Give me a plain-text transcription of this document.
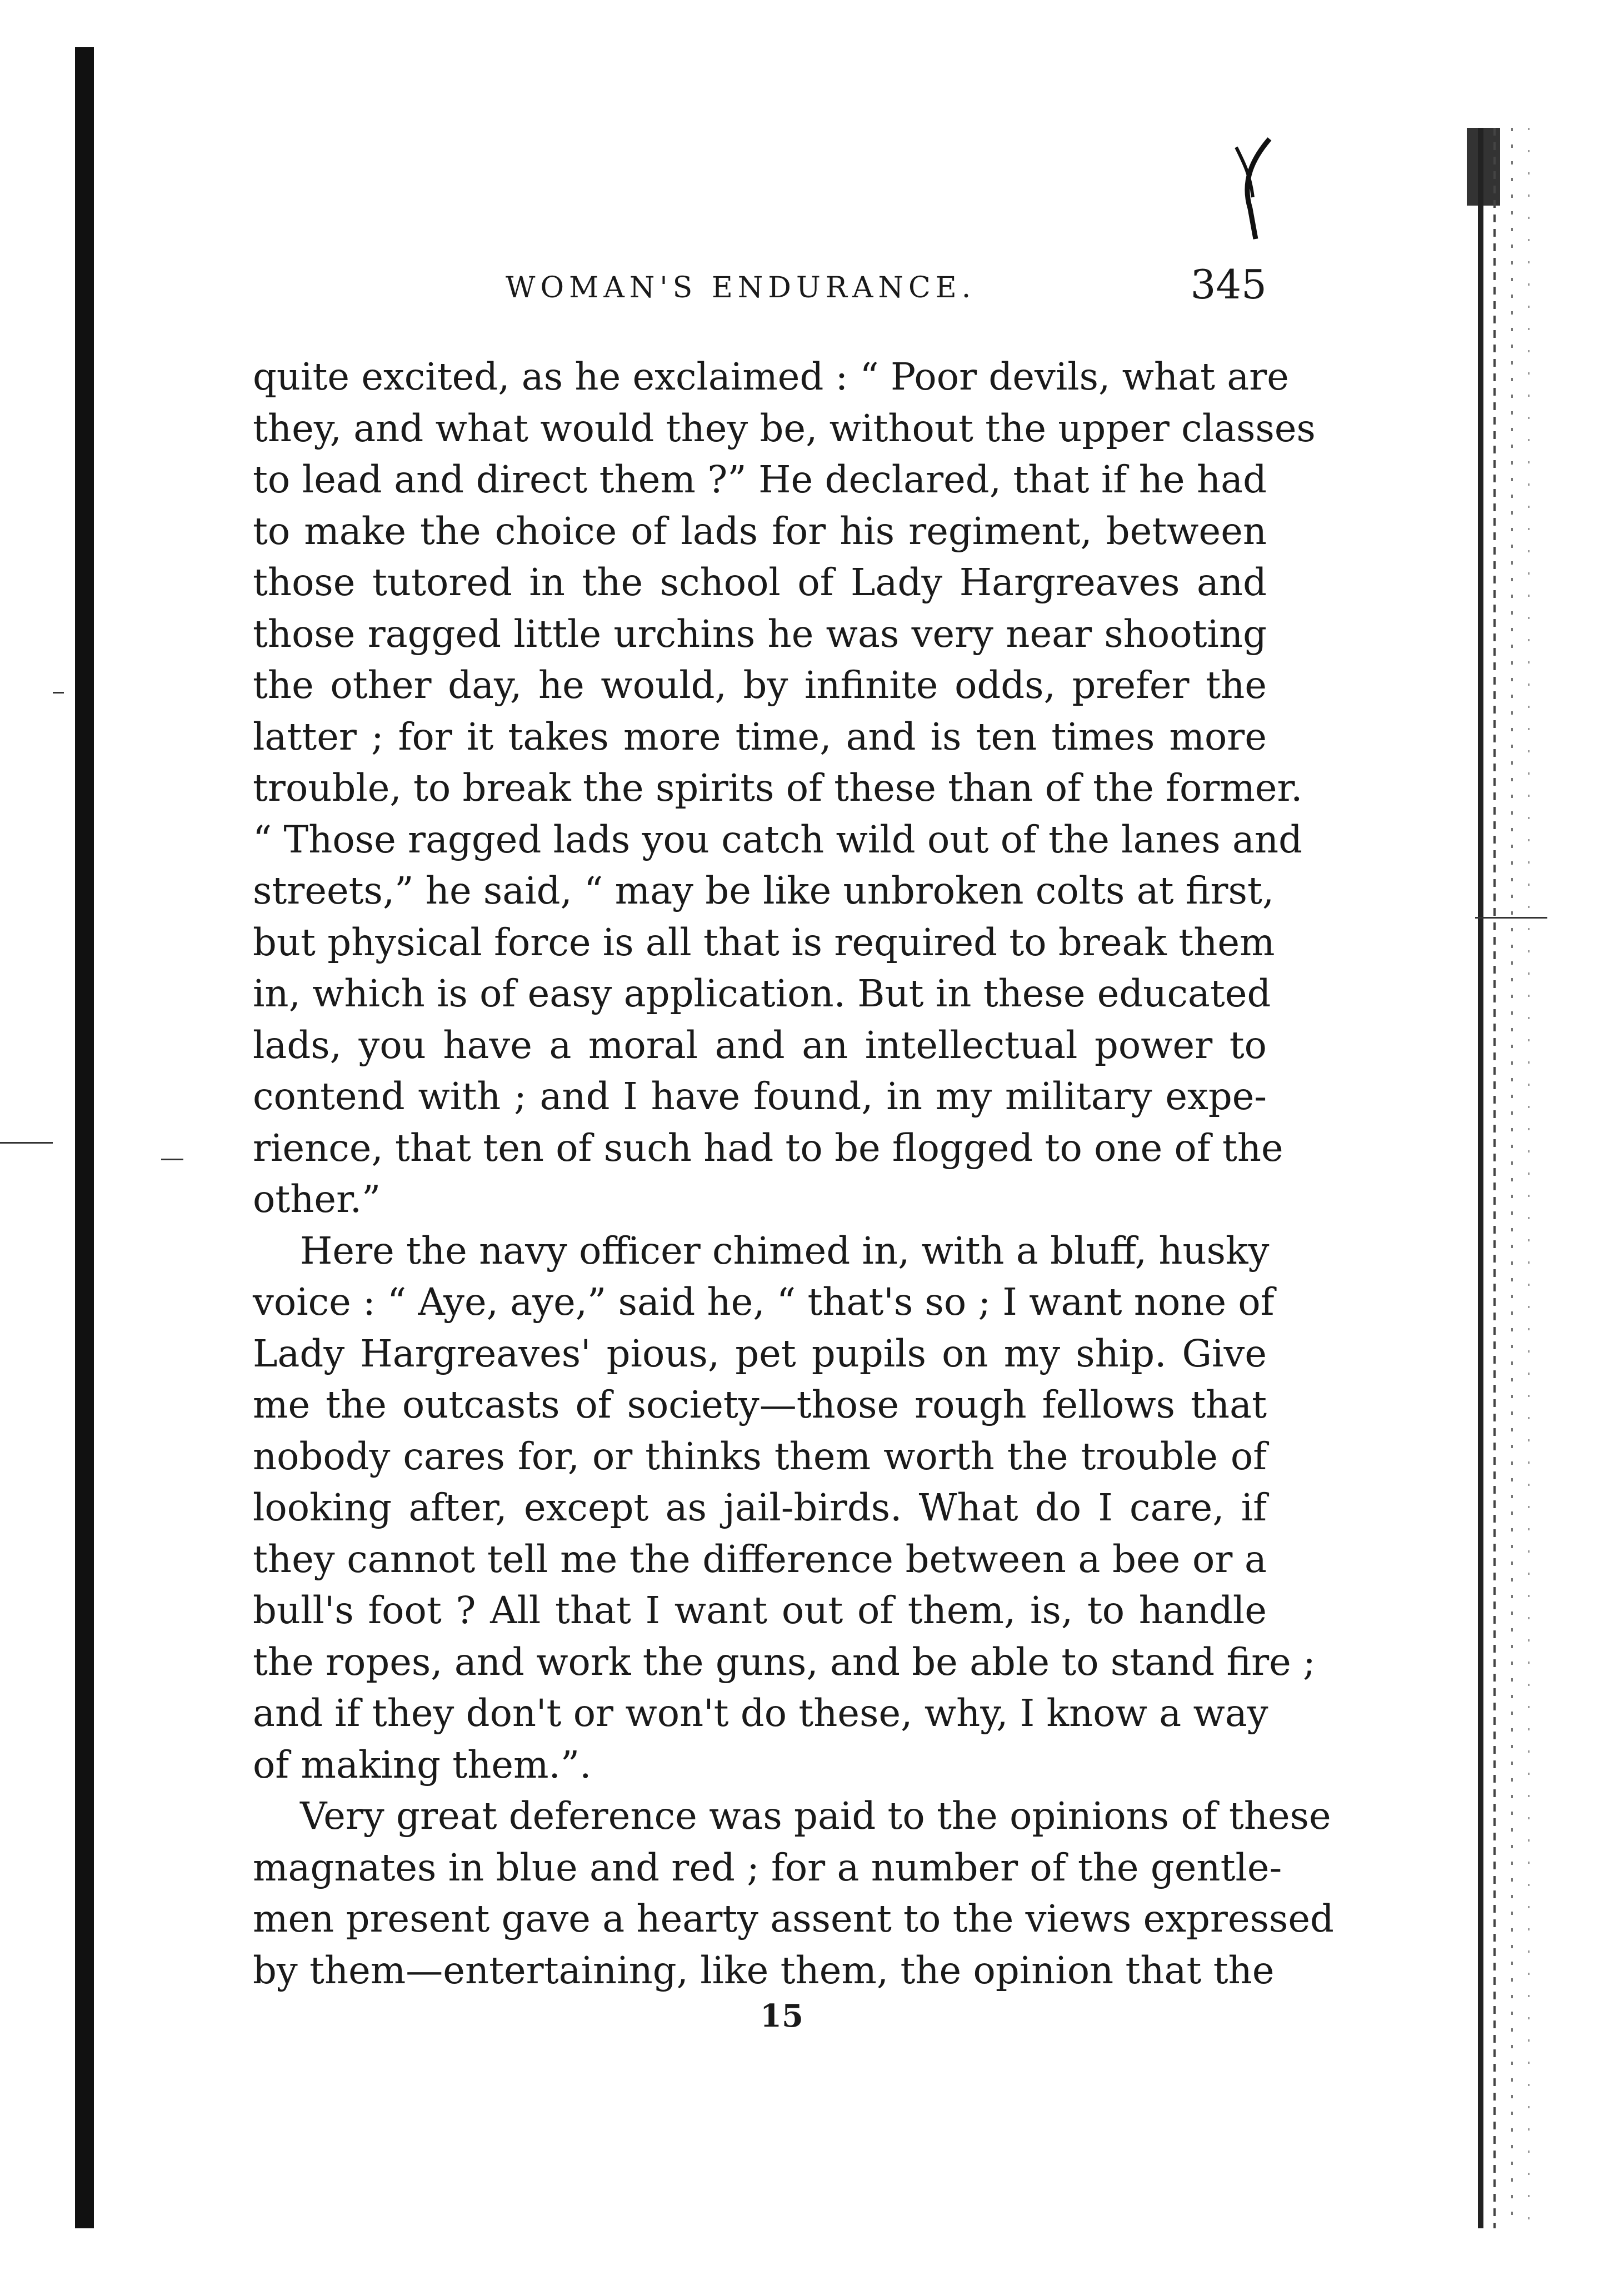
WOMAN'S ENDURANCE.	345
quite excited, as he exclaimed : “ Poor devils, what are
they, and what would they be, without the upper classes
to lead and direct them ?” He declared, that if he had
to make the choice of lads for his regiment, between
those tutored in the school of Lady Hargreaves and
those ragged little urchins he was very near shooting
the other day, he would, by infinite odds, prefer the
latter ; for it takes more time, and is ten times more
trouble, to break the spirits of these than of the former.
“ Those ragged lads you catch wild out of the lanes and
streets,” he said, “ may be like unbroken colts at first,
but physical force is all that is required to break them
in, which is of easy application. But in these educated
lads, you have a moral and an intellectual power to
contend with ; and I have found, in my military expe-
rience, that ten of such had to be flogged to one of the
other.”
Here the navy officer chimed in, with a bluff, husky
voice : “ Aye, aye,” said he, “ that's so ; I want none of
Lady Hargreaves' pious, pet pupils on my ship. Give
me the outcasts of society—those rough fellows that
nobody cares for, or thinks them worth the trouble of
looking after, except as jail-birds. What do I care, if
they cannot tell me the difference between a bee or a
bull's foot ? All that I want out of them, is, to handle
the ropes, and work the guns, and be able to stand fire ;
and if they don't or won't do these, why, I know a way
of making them.”.
Very great deference was paid to the opinions of these
magnates in blue and red ; for a number of the gentle-
men present gave a hearty assent to the views expressed
by them—entertaining, like them, the opinion that the
15
